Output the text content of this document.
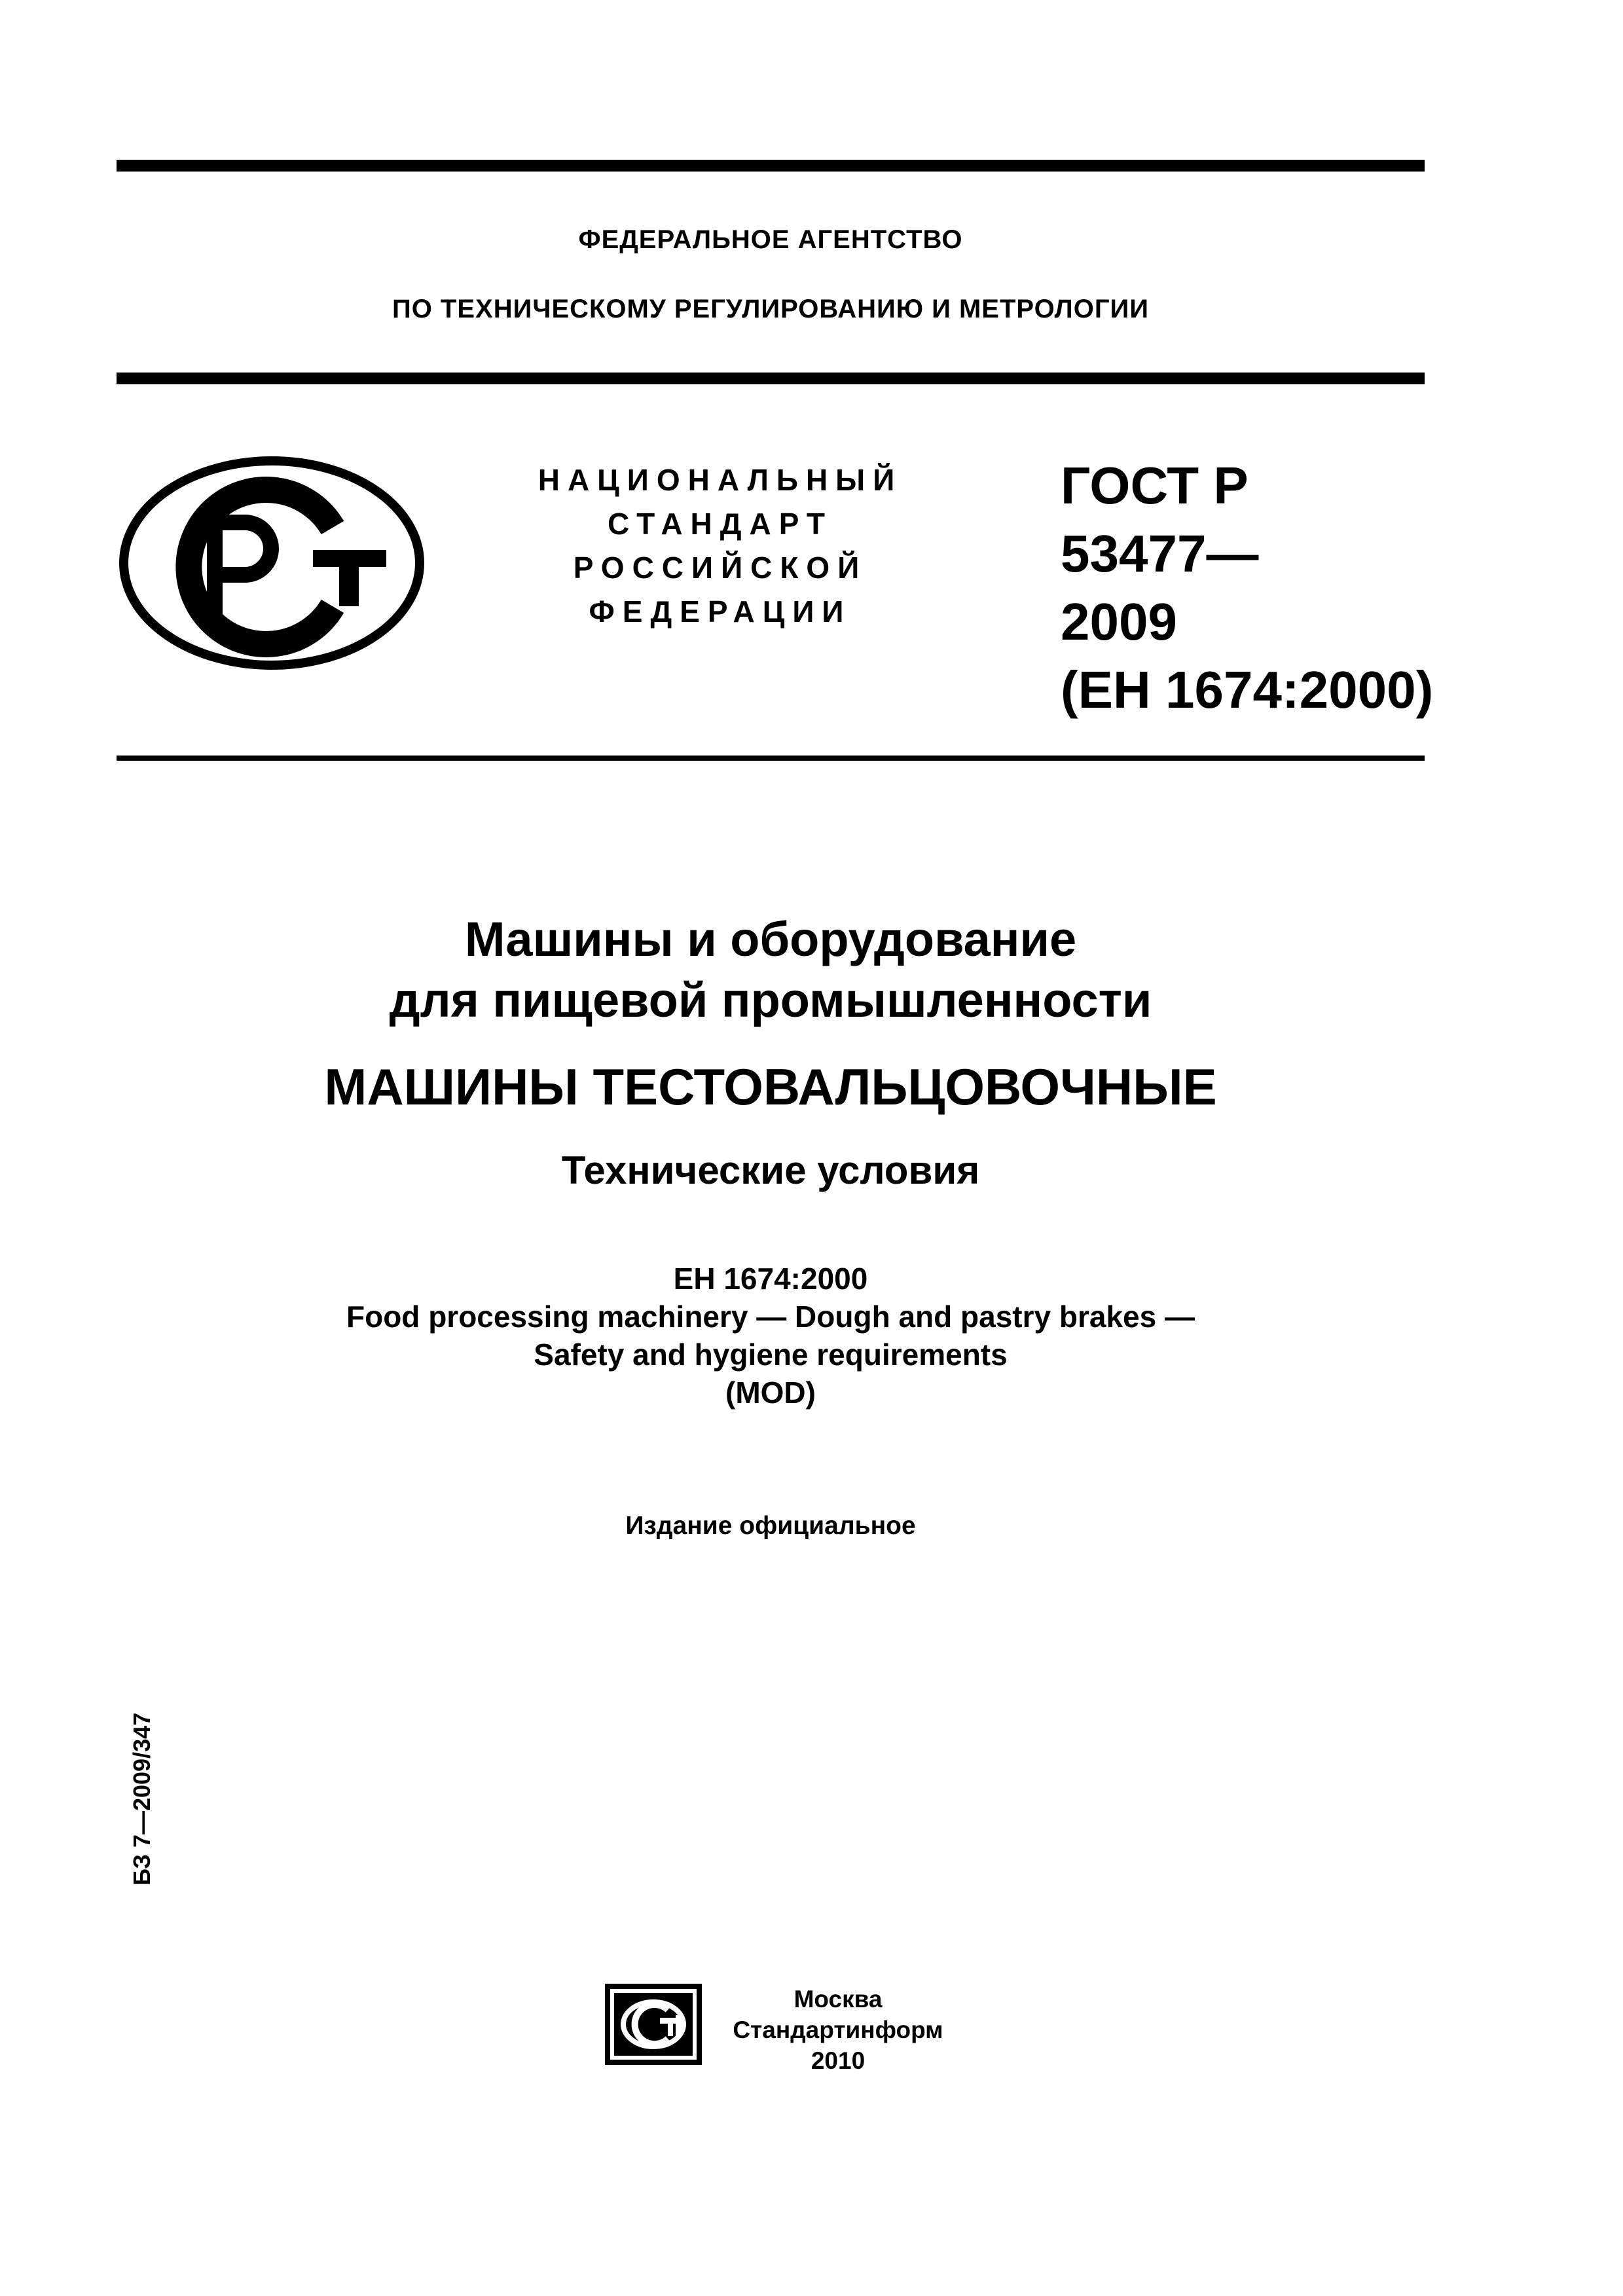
ФЕДЕРАЛЬНОЕ АГЕНТСТВО
ПО ТЕХНИЧЕСКОМУ РЕГУЛИРОВАНИЮ И МЕТРОЛОГИИ
НАЦИОНАЛЬНЫЙ
СТАНДАРТ
РОССИЙСКОЙ
ФЕДЕРАЦИИ
ГОСТ Р
53477—
2009
(ЕН 1674:2000)
Машины и оборудование
для пищевой промышленности
МАШИНЫ ТЕСТОВАЛЬЦОВОЧНЫЕ
Технические условия
ЕН 1674:2000
Food processing machinery — Dough and pastry brakes —
Safety and hygiene requirements
(MOD)
Издание официальное
БЗ 7—2009/347
Москва
Стандартинформ
2010
